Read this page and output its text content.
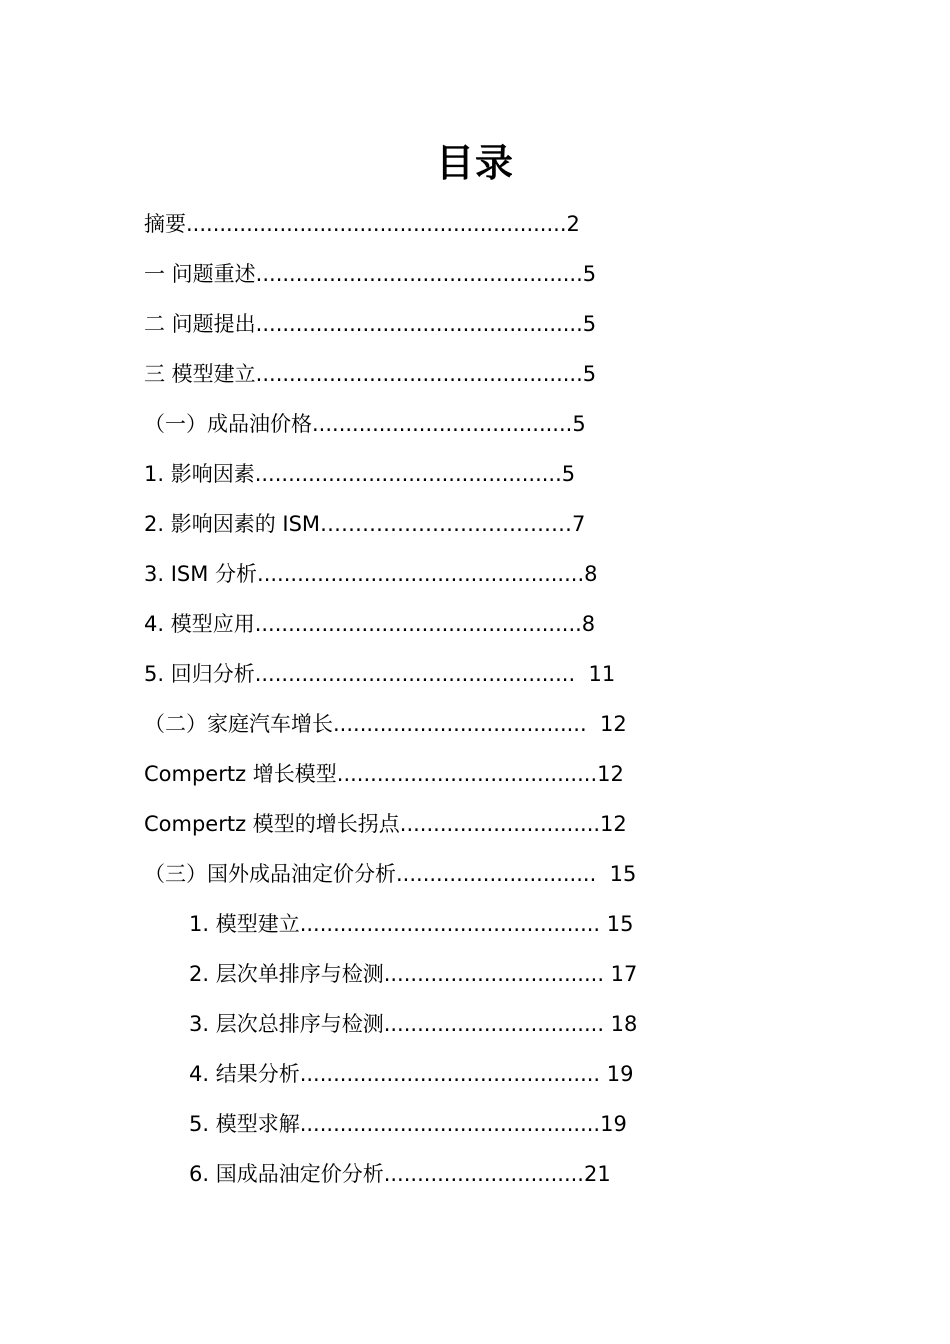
目录
摘要.........................................................2
一 问题重述.................................................5
二 问题提出.................................................5
三 模型建立.................................................5
（一）成品油价格.......................................5
1. 影响因素..............................................5
2. 影响因素的 ISM………………………………7
3. ISM 分析.................................................8
4. 模型应用.................................................8
5. 回归分析................................................  11
（二）家庭汽车增长......................................  12
Compertz 增长模型.......................................12
Compertz 模型的增长拐点..............................12
（三）国外成品油定价分析..............................  15
1. 模型建立............................................. 15
2. 层次单排序与检测................................. 17
3. 层次总排序与检测................................. 18
4. 结果分析............................................. 19
5. 模型求解.............................................19
6. 国成品油定价分析..............................21
